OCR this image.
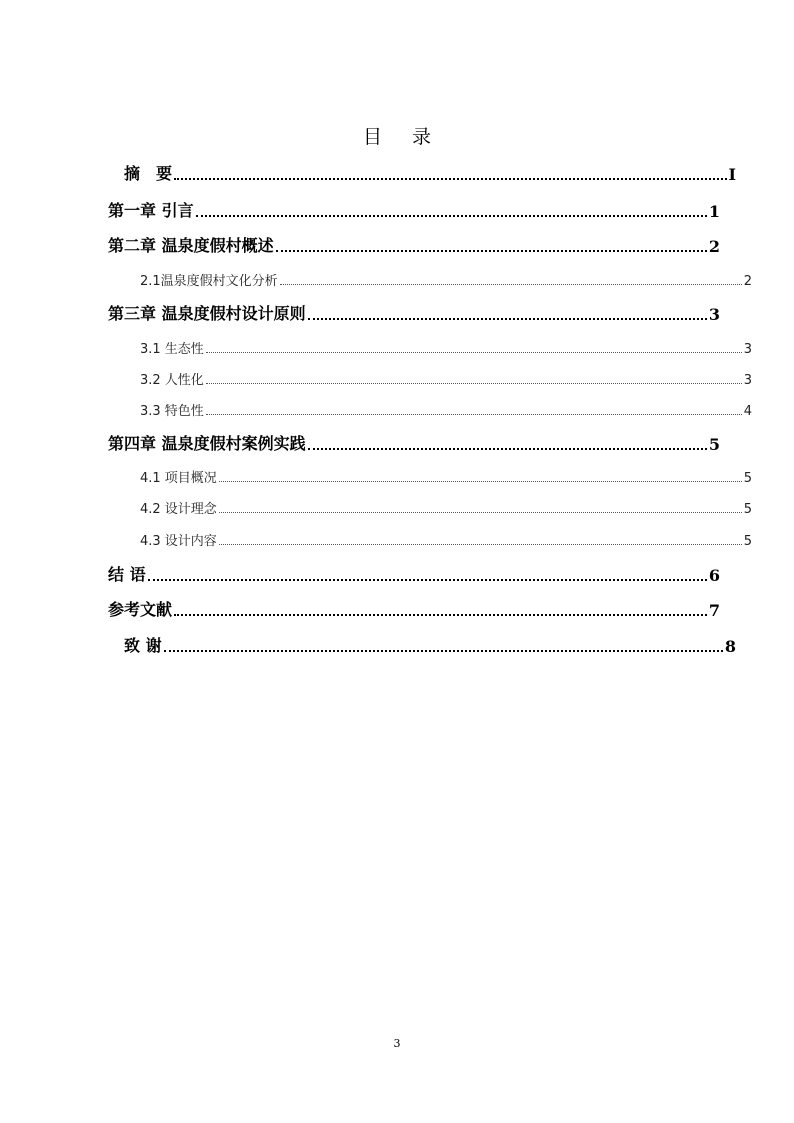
目 录
摘　要	I
第一章 引言	1
第二章 温泉度假村概述	2
2.1温泉度假村文化分析	2
第三章 温泉度假村设计原则	3
3.1 生态性	3
3.2 人性化	3
3.3 特色性	4
第四章 温泉度假村案例实践	5
4.1 项目概况	5
4.2 设计理念	5
4.3 设计内容	5
结 语	6
参考文献	7
致 谢	8
3
